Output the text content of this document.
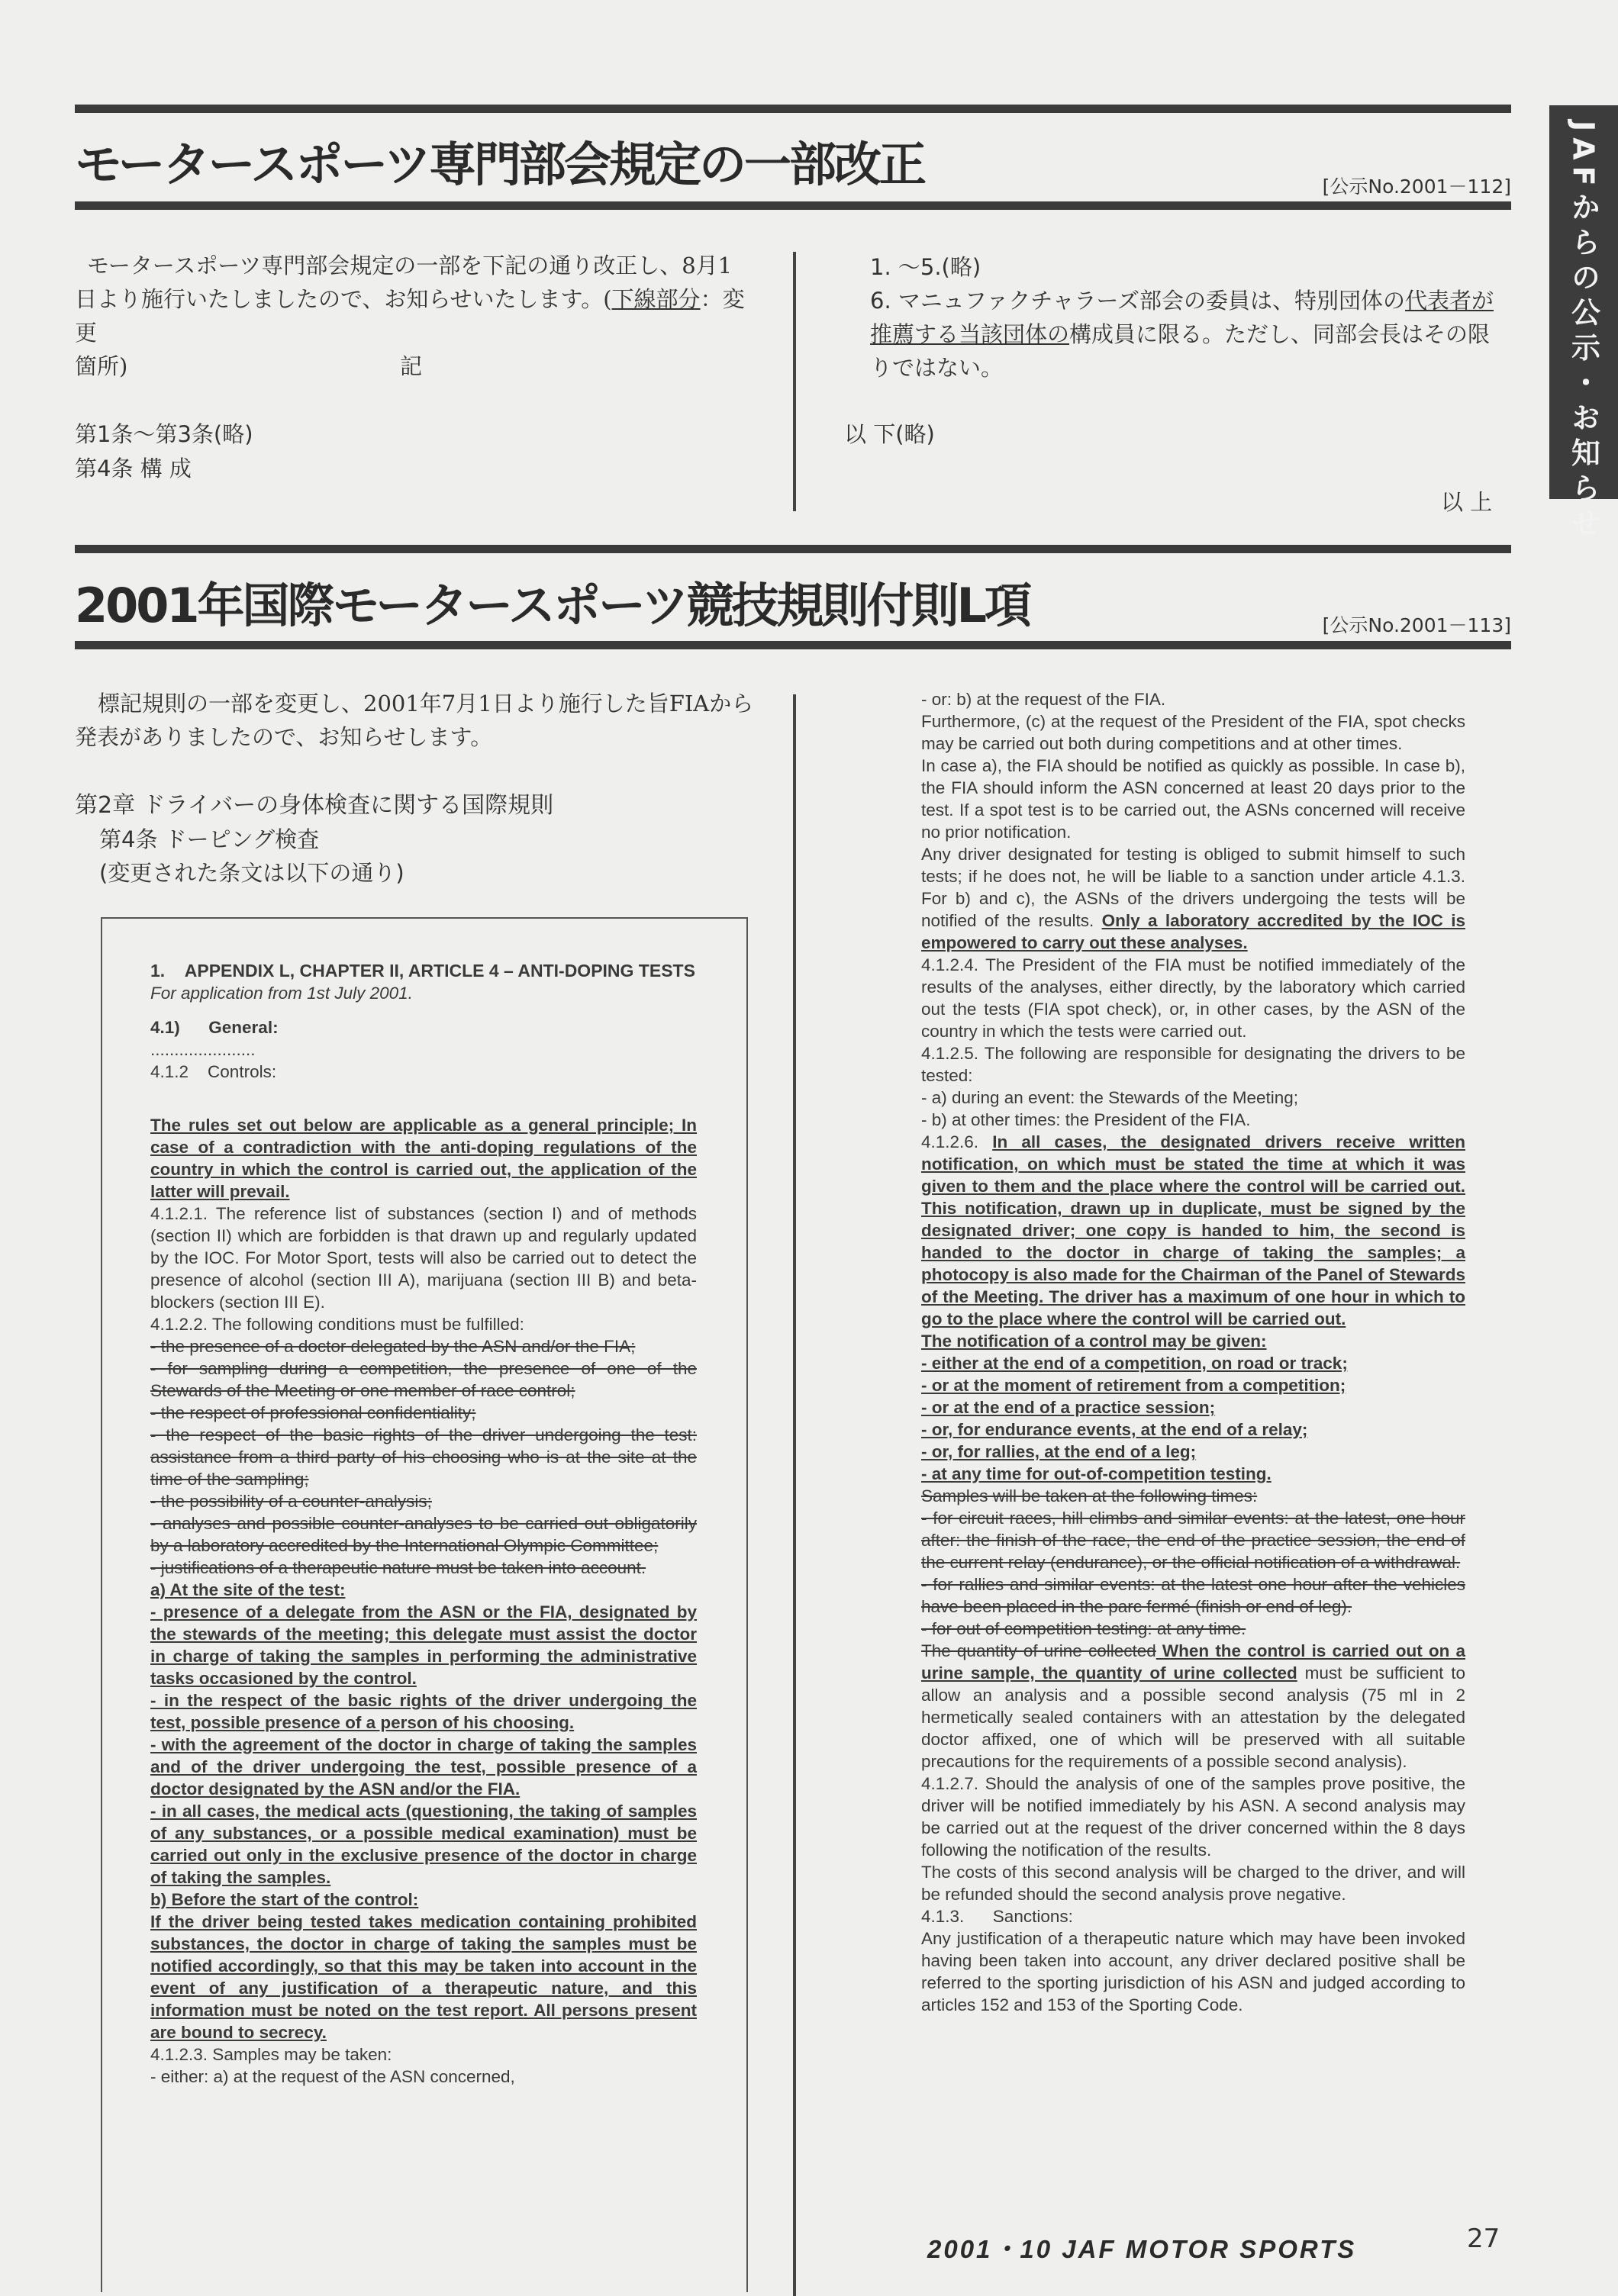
JAFからの公示・お知らせ
モータースポーツ専門部会規定の一部改正	[公示No.2001－112]
モータースポーツ専門部会規定の一部を下記の通り改正し、8月1
日より施行いたしましたので、お知らせいたします。(下線部分：変更
箇所)	記
第1条〜第3条(略)
第4条 構 成
1. 〜5.(略)
6. マニュファクチャラーズ部会の委員は、特別団体の代表者が
推薦する当該団体の構成員に限る。ただし、同部会長はその限
りではない。
以 下(略)
以 上
2001年国際モータースポーツ競技規則付則L項	[公示No.2001－113]
標記規則の一部を変更し、2001年7月1日より施行した旨FIAから
発表がありましたので、お知らせします。
第2章 ドライバーの身体検査に関する国際規則
第4条 ドーピング検査
(変更された条文は以下の通り)

1.    APPENDIX L, CHAPTER II, ARTICLE 4 – ANTI-DOPING TESTS

For application from 1st July 2001.

4.1)      General:

......................

4.1.2    Controls:

The rules set out below are applicable as a general principle; In case of a contradiction with the anti-doping regulations of the country in which the control is carried out, the application of the latter will prevail.

4.1.2.1. The reference list of substances (section I) and of methods (section II) which are forbidden is that drawn up and regularly updated by the IOC. For Motor Sport, tests will also be carried out to detect the presence of alcohol (section III A), marijuana (section III B) and beta-blockers (section III E).

4.1.2.2. The following conditions must be fulfilled:

- the presence of a doctor delegated by the ASN and/or the FIA;

- for sampling during a competition, the presence of one of the Stewards of the Meeting or one member of race control;

- the respect of professional confidentiality;

- the respect of the basic rights of the driver undergoing the test: assistance from a third party of his choosing who is at the site at the time of the sampling;

- the possibility of a counter-analysis;

- analyses and possible counter-analyses to be carried out obligatorily by a laboratory accredited by the International Olympic Committee;

- justifications of a therapeutic nature must be taken into account.

a) At the site of the test:

- presence of a delegate from the ASN or the FIA, designated by the stewards of the meeting; this delegate must assist the doctor in charge of taking the samples in performing the administrative tasks occasioned by the control.

- in the respect of the basic rights of the driver undergoing the test, possible presence of a person of his choosing.

- with the agreement of the doctor in charge of taking the samples and of the driver undergoing the test, possible presence of a doctor designated by the ASN and/or the FIA.

- in all cases, the medical acts (questioning, the taking of samples of any substances, or a possible medical examination) must be carried out only in the exclusive presence of the doctor in charge of taking the samples.

b) Before the start of the control:

If the driver being tested takes medication containing prohibited substances, the doctor in charge of taking the samples must be notified accordingly, so that this may be taken into account in the event of any justification of a therapeutic nature, and this information must be noted on the test report. All persons present are bound to secrecy.

4.1.2.3. Samples may be taken:

- either: a) at the request of the ASN concerned,

- or: b) at the request of the FIA.

Furthermore, (c) at the request of the President of the FIA, spot checks may be carried out both during competitions and at other times.

In case a), the FIA should be notified as quickly as possible. In case b), the FIA should inform the ASN concerned at least 20 days prior to the test. If a spot test is to be carried out, the ASNs concerned will receive no prior notification.

Any driver designated for testing is obliged to submit himself to such tests; if he does not, he will be liable to a sanction under article 4.1.3. For b) and c), the ASNs of the drivers undergoing the tests will be notified of the results. Only a laboratory accredited by the IOC is empowered to carry out these analyses.

4.1.2.4. The President of the FIA must be notified immediately of the results of the analyses, either directly, by the laboratory which carried out the tests (FIA spot check), or, in other cases, by the ASN of the country in which the tests were carried out.

4.1.2.5. The following are responsible for designating the drivers to be tested:

- a) during an event: the Stewards of the Meeting;

- b) at other times: the President of the FIA.

4.1.2.6. In all cases, the designated drivers receive written notification, on which must be stated the time at which it was given to them and the place where the control will be carried out. This notification, drawn up in duplicate, must be signed by the designated driver; one copy is handed to him, the second is handed to the doctor in charge of taking the samples; a photocopy is also made for the Chairman of the Panel of Stewards of the Meeting. The driver has a maximum of one hour in which to go to the place where the control will be carried out.

The notification of a control may be given:

- either at the end of a competition, on road or track;

- or at the moment of retirement from a competition;

- or at the end of a practice session;

- or, for endurance events, at the end of a relay;

- or, for rallies, at the end of a leg;

- at any time for out-of-competition testing.

Samples will be taken at the following times:

- for circuit races, hill climbs and similar events: at the latest, one hour after: the finish of the race, the end of the practice session, the end of the current relay (endurance), or the official notification of a withdrawal.

- for rallies and similar events: at the latest one hour after the vehicles have been placed in the parc fermé (finish or end of leg).

- for out of competition testing: at any time.

The quantity of urine collected When the control is carried out on a urine sample, the quantity of urine collected must be sufficient to allow an analysis and a possible second analysis (75 ml in 2 hermetically sealed containers with an attestation by the delegated doctor affixed, one of which will be preserved with all suitable precautions for the requirements of a possible second analysis).

4.1.2.7. Should the analysis of one of the samples prove positive, the driver will be notified immediately by his ASN. A second analysis may be carried out at the request of the driver concerned within the 8 days following the notification of the results.

The costs of this second analysis will be charged to the driver, and will be refunded should the second analysis prove negative.

4.1.3.      Sanctions:

Any justification of a therapeutic nature which may have been invoked having been taken into account, any driver declared positive shall be referred to the sporting jurisdiction of his ASN and judged according to articles 152 and 153 of the Sporting Code.

2001・10 JAF MOTOR SPORTS	27
